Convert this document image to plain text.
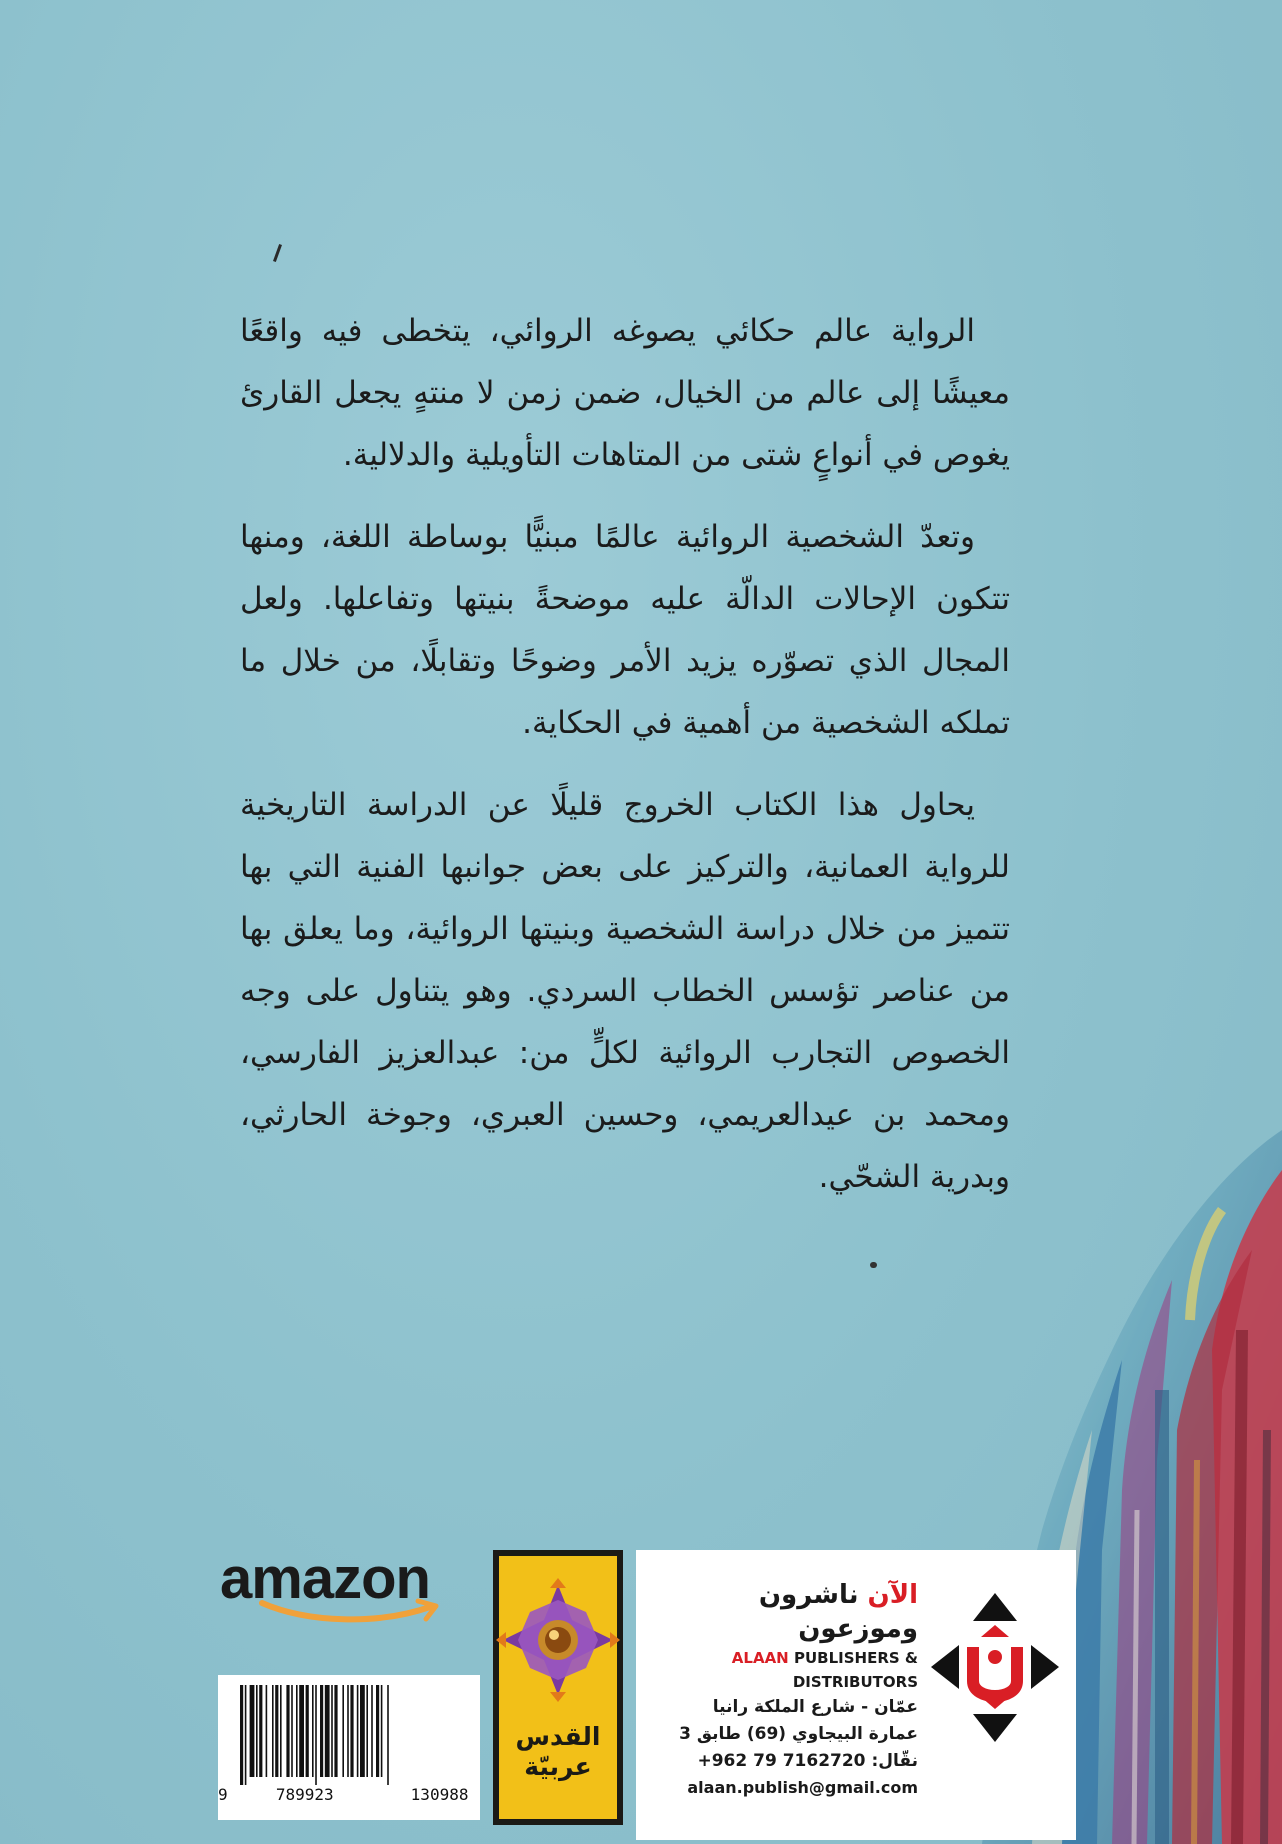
الرواية عالم حكائي يصوغه الروائي، يتخطى فيه واقعًا معيشًا إلى عالم من الخيال، ضمن زمن لا منتهٍ يجعل القارئ يغوص في أنواعٍ شتى من المتاهات التأويلية والدلالية.

وتعدّ الشخصية الروائية عالمًا مبنيًّا بوساطة اللغة، ومنها تتكون الإحالات الدالّة عليه موضحةً بنيتها وتفاعلها. ولعل المجال الذي تصوّره يزيد الأمر وضوحًا وتقابلًا، من خلال ما تملكه الشخصية من أهمية في الحكاية.

يحاول هذا الكتاب الخروج قليلًا عن الدراسة التاريخية للرواية العمانية، والتركيز على بعض جوانبها الفنية التي بها تتميز من خلال دراسة الشخصية وبنيتها الروائية، وما يعلق بها من عناصر تؤسس الخطاب السردي. وهو يتناول على وجه الخصوص التجارب الروائية لكلٍّ من: عبدالعزيز الفارسي، ومحمد بن عيدالعريمي، وحسين العبري، وجوخة الحارثي، وبدرية الشحّي.

amazon
9	789923	130988
القدس
عربيّة
الآن ناشرون وموزعون
ALAAN PUBLISHERS & DISTRIBUTORS
عمّان - شارع الملكة رانيا
عمارة البيجاوي (69) طابق 3
نقّال: +962 79 7162720
alaan.publish@gmail.com
